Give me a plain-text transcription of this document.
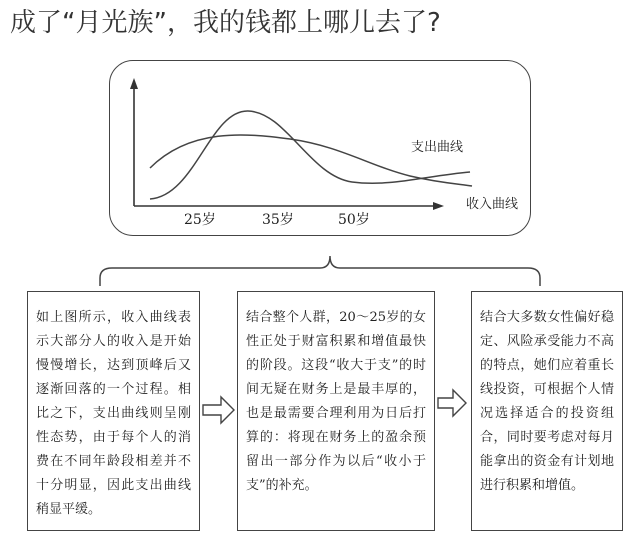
成了“月光族”，我的钱都上哪儿去了?
支出曲线
收入曲线
25岁	35岁	50岁
如上图所示，收入曲线表示大部分人的收入是开始慢慢增长，达到顶峰后又逐渐回落的一个过程。相比之下，支出曲线则呈刚性态势，由于每个人的消费在不同年龄段相差并不十分明显，因此支出曲线稍显平缓。
结合整个人群，20～25岁的女性正处于财富积累和增值最快的阶段。这段“收大于支”的时间无疑在财务上是最丰厚的，也是最需要合理利用为日后打算的：将现在财务上的盈余预留出一部分作为以后“收小于支”的补充。
结合大多数女性偏好稳定、风险承受能力不高的特点，她们应着重长线投资，可根据个人情况选择适合的投资组合，同时要考虑对每月能拿出的资金有计划地进行积累和增值。
